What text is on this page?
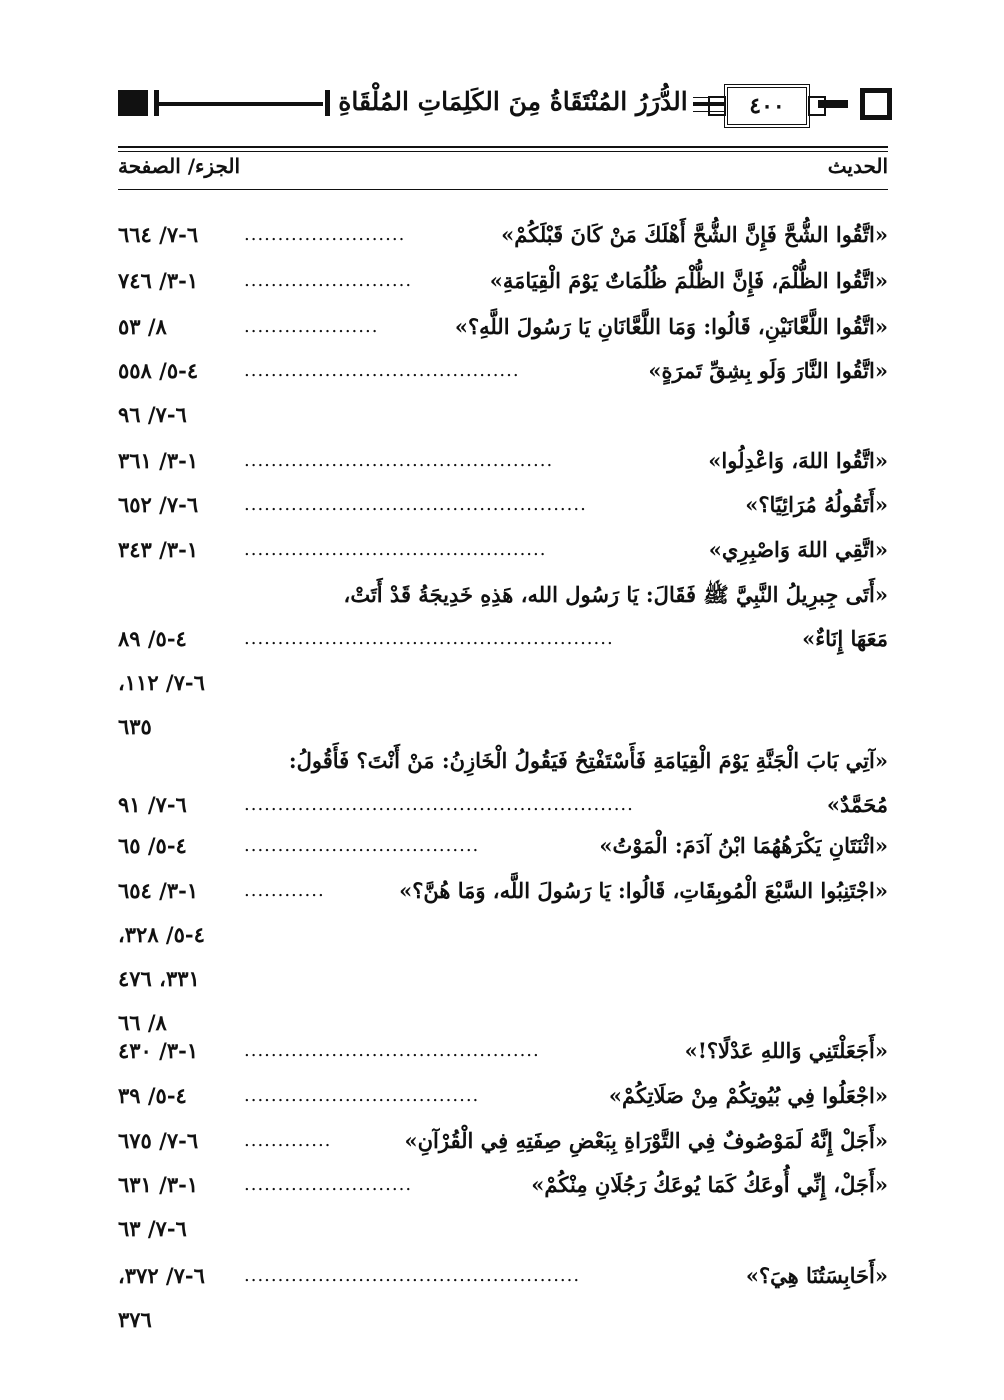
الدُّرَرُ المُنْتَقَاةُ مِنَ الكَلِمَاتِ المُلْقَاةِ	٤٠٠
الحديث
الجزء/ الصفحة
«اتَّقُوا الشُّحَّ فَإِنَّ الشُّحَّ أَهْلَكَ مَنْ كَانَ قَبْلَكُمْ»
........................
٦-٧/ ٦٦٤
«اتَّقُوا الظُّلْمَ، فَإِنَّ الظُّلْمَ ظُلُمَاتٌ يَوْمَ الْقِيَامَةِ»
.........................
١-٣/ ٧٤٦
«اتَّقُوا اللَّعَّانَيْنِ، قَالُوا: وَمَا اللَّعَّانَانِ يَا رَسُولَ اللَّهِ؟»
....................
٨/ ٥٣
«اتَّقُوا النَّارَ وَلَو بِشِقِّ تَمرَةٍ»
.........................................
٤-٥/ ٥٥٨
٦-٧/ ٩٦
«اتَّقُوا اللهَ، وَاعْدِلُوا»
..............................................
١-٣/ ٣٦١
«أَتَقُولُهُ مُرَائِيًا؟»
...................................................
٦-٧/ ٦٥٢
«اتَّقِي اللهَ وَاصْبِرِي»
.............................................
١-٣/ ٣٤٣
«أَتَى جِبرِيلُ النَّبِيَّ ﷺ فَقَالَ: يَا رَسُول الله، هَذِهِ خَدِيجَةُ قَدْ أَتَتْ،
مَعَهَا إِنَاءٌ»
.......................................................
٤-٥/ ٨٩
٦-٧/ ١١٢،
٦٣٥
«آتِي بَابَ الْجَنَّةِ يَوْمَ الْقِيَامَةِ فَأَسْتَفْتِحُ فَيَقُولُ الْخَازِنُ: مَنْ أَنْتَ؟ فَأَقُولُ:
مُحَمَّدٌ»
..........................................................
٦-٧/ ٩١
«اثْنَتَانِ يَكْرَهُهُمَا ابْنُ آدَمَ: الْمَوْتُ»
...................................
٤-٥/ ٦٥
«اجْتَنِبُوا السَّبْعَ الْمُوبِقَاتِ، قَالُوا: يَا رَسُولَ اللَّه، وَمَا هُنَّ؟»
............
١-٣/ ٦٥٤
٤-٥/ ٣٢٨،
٣٣١، ٤٧٦
٨/ ٦٦
«أَجَعَلْتَنِي وَاللهِ عَدْلًا؟!»
............................................
١-٣/ ٤٣٠
«اجْعَلُوا فِي بُيُوتِكُمْ مِنْ صَلَاتِكُمْ»
...................................
٤-٥/ ٣٩
«أَجَلْ إِنَّهُ لَمَوْصُوفٌ فِي التَّوْرَاةِ بِبَعْضِ صِفَتِهِ فِي الْقُرْآنِ»
.............
٦-٧/ ٦٧٥
«أَجَلْ، إِنِّي أُوعَكُ كَمَا يُوعَكُ رَجُلَانِ مِنْكُمْ»
.........................
١-٣/ ٦٣١
٦-٧/ ٦٣
«أَحَابِسَتُنَا هِيَ؟»
..................................................
٦-٧/ ٣٧٢،
٣٧٦
